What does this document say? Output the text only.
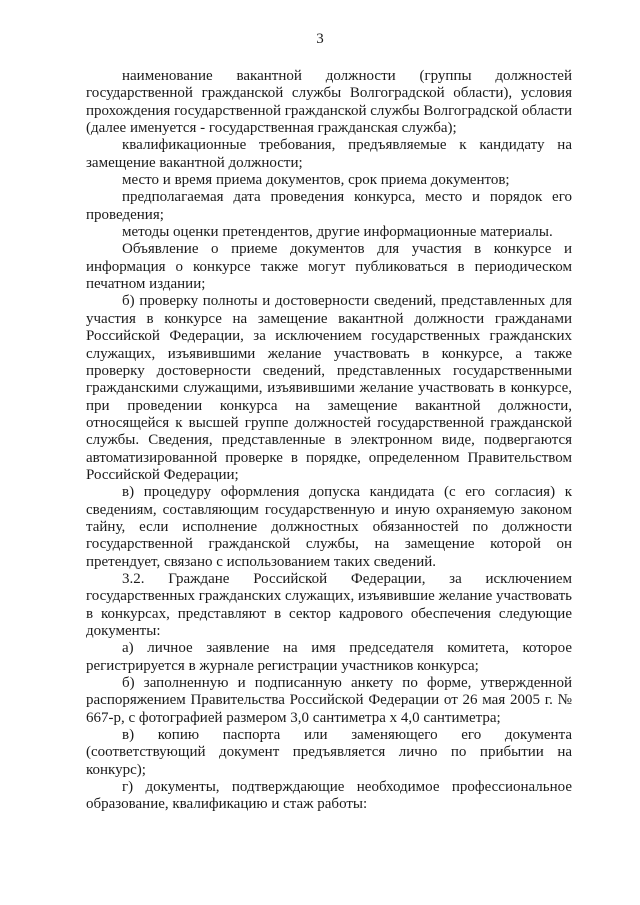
3

наименование вакантной должности (группы должностей государственной гражданской службы Волгоградской области), условия прохождения государственной гражданской службы Волгоградской области (далее именуется - государственная гражданская служба);

квалификационные требования, предъявляемые к кандидату на замещение вакантной должности;

место и время приема документов, срок приема документов;

предполагаемая дата проведения конкурса, место и порядок его проведения;

методы оценки претендентов, другие информационные материалы.

Объявление о приеме документов для участия в конкурсе и информация о конкурсе также могут публиковаться в периодическом печатном издании;

б) проверку полноты и достоверности сведений, представленных для участия в конкурсе на замещение вакантной должности гражданами Российской Федерации, за исключением государственных гражданских служащих, изъявившими желание участвовать в конкурсе, а также проверку достоверности сведений, представленных государственными гражданскими служащими, изъявившими желание участвовать в конкурсе, при проведении конкурса на замещение вакантной должности, относящейся к высшей группе должностей государственной гражданской службы. Сведения, представленные в электронном виде, подвергаются автоматизированной проверке в порядке, определенном Правительством Российской Федерации;

в) процедуру оформления допуска кандидата (с его согласия) к сведениям, составляющим государственную и иную охраняемую законом тайну, если исполнение должностных обязанностей по должности государственной гражданской службы, на замещение которой он претендует, связано с использованием таких сведений.

3.2. Граждане Российской Федерации, за исключением государственных гражданских служащих, изъявившие желание участвовать в конкурсах, представляют в сектор кадрового обеспечения следующие документы:

а) личное заявление на имя председателя комитета, которое регистрируется в журнале регистрации участников конкурса;

б) заполненную и подписанную анкету по форме, утвержденной распоряжением Правительства Российской Федерации от 26 мая 2005 г. № 667-р, с фотографией размером 3,0 сантиметра x 4,0 сантиметра;

в) копию паспорта или заменяющего его документа (соответствующий документ предъявляется лично по прибытии на конкурс);

г) документы, подтверждающие необходимое профессиональное образование, квалификацию и стаж работы:
